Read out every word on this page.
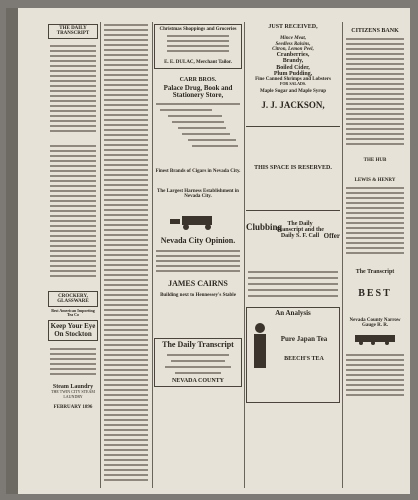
THE DAILY TRANSCRIPT
CROCKERY, GLASSWARE
Best American Importing Tea Co
Keep Your Eye
On Stockton
Steam Laundry
THE TWIN CITY STEAM LAUNDRY
FEBRUARY 1896
Christmas Shoppings and Groceries
E. E. DULAC, Merchant Tailor.
CARR BROS.
Palace Drug, Book and Stationery Store,
Finest Brands of Cigars in Nevada City.
The Largest Harness Establishment in Nevada City.
Nevada City Opinion.
JAMES CAIRNS
Building next to Hennessey's Stable
The Daily Transcript
NEVADA COUNTY
JUST RECEIVED,
Mince Meat,
Seedless Raisins,
Citron, Lemon Peel,
Cranberries,
Brandy,
Boiled Cider,
Plum Pudding,
Fine Canned Shrimps and Lobsters
FOR SALADS.
Maple Sugar and Maple Syrup
J. J. JACKSON,
THIS SPACE IS RESERVED.
Clubbing The Daily Transcript and the Daily S. F. Call Offer
An Analysis
Pure Japan Tea
BEECH'S TEA
CITIZENS BANK
THE HUB
LEWIS & HENRY
The Transcript
BEST
Nevada County Narrow Gauge R. R.
